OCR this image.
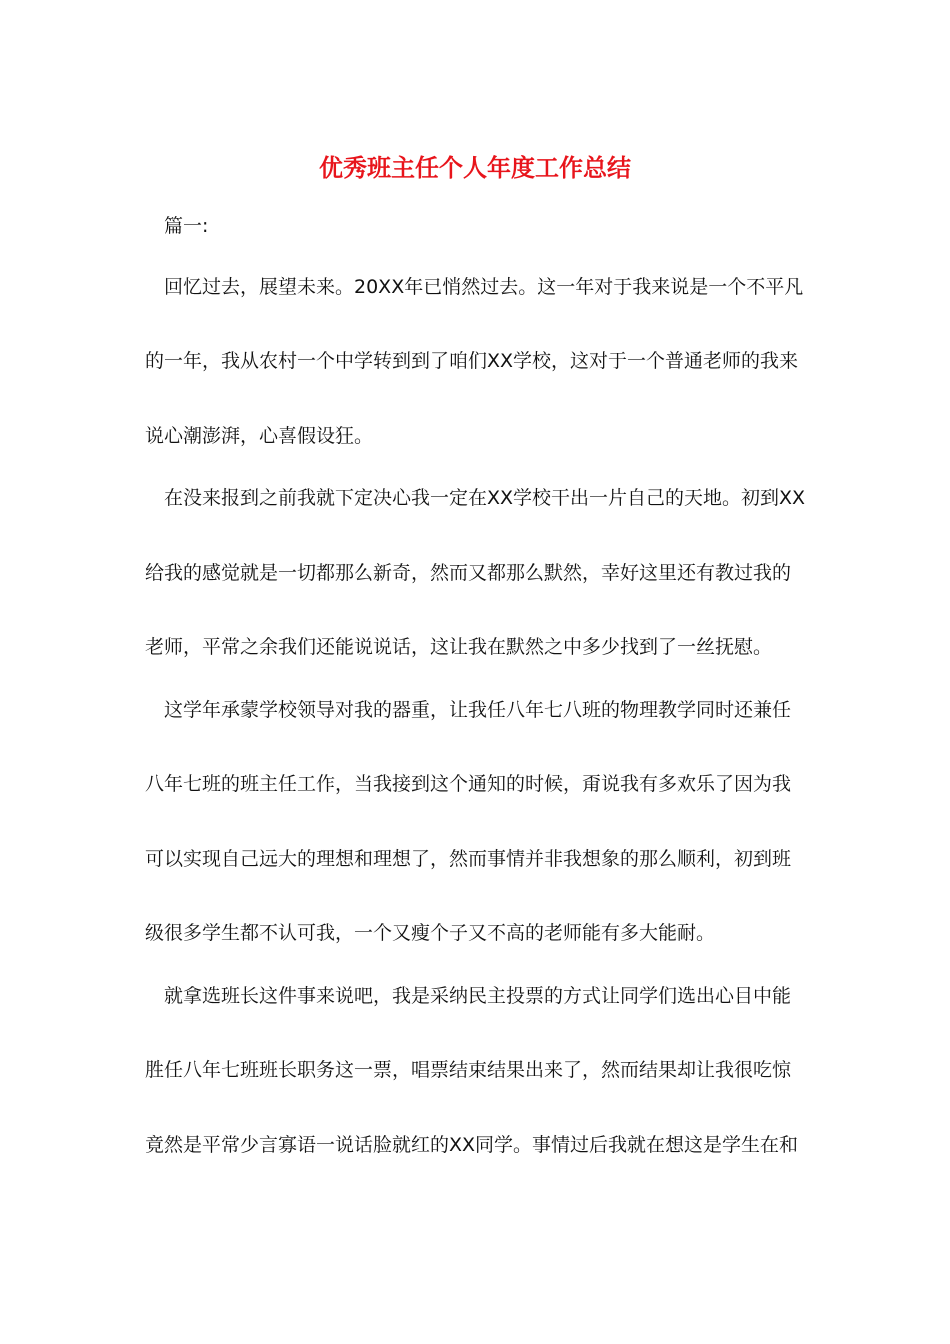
优秀班主任个人年度工作总结
篇一:
回忆过去，展望未来。20XX年已悄然过去。这一年对于我来说是一个不平凡
的一年，我从农村一个中学转到到了咱们XX学校，这对于一个普通老师的我来
说心潮澎湃，心喜假设狂。
在没来报到之前我就下定决心我一定在XX学校干出一片自己的天地。初到XX
给我的感觉就是一切都那么新奇，然而又都那么默然，幸好这里还有教过我的
老师，平常之余我们还能说说话，这让我在默然之中多少找到了一丝抚慰。
这学年承蒙学校领导对我的器重，让我任八年七八班的物理教学同时还兼任
八年七班的班主任工作，当我接到这个通知的时候，甭说我有多欢乐了因为我
可以实现自己远大的理想和理想了，然而事情并非我想象的那么顺利，初到班
级很多学生都不认可我，一个又瘦个子又不高的老师能有多大能耐。
就拿选班长这件事来说吧，我是采纳民主投票的方式让同学们选出心目中能
胜任八年七班班长职务这一票，唱票结束结果出来了，然而结果却让我很吃惊
竟然是平常少言寡语一说话脸就红的XX同学。事情过后我就在想这是学生在和
